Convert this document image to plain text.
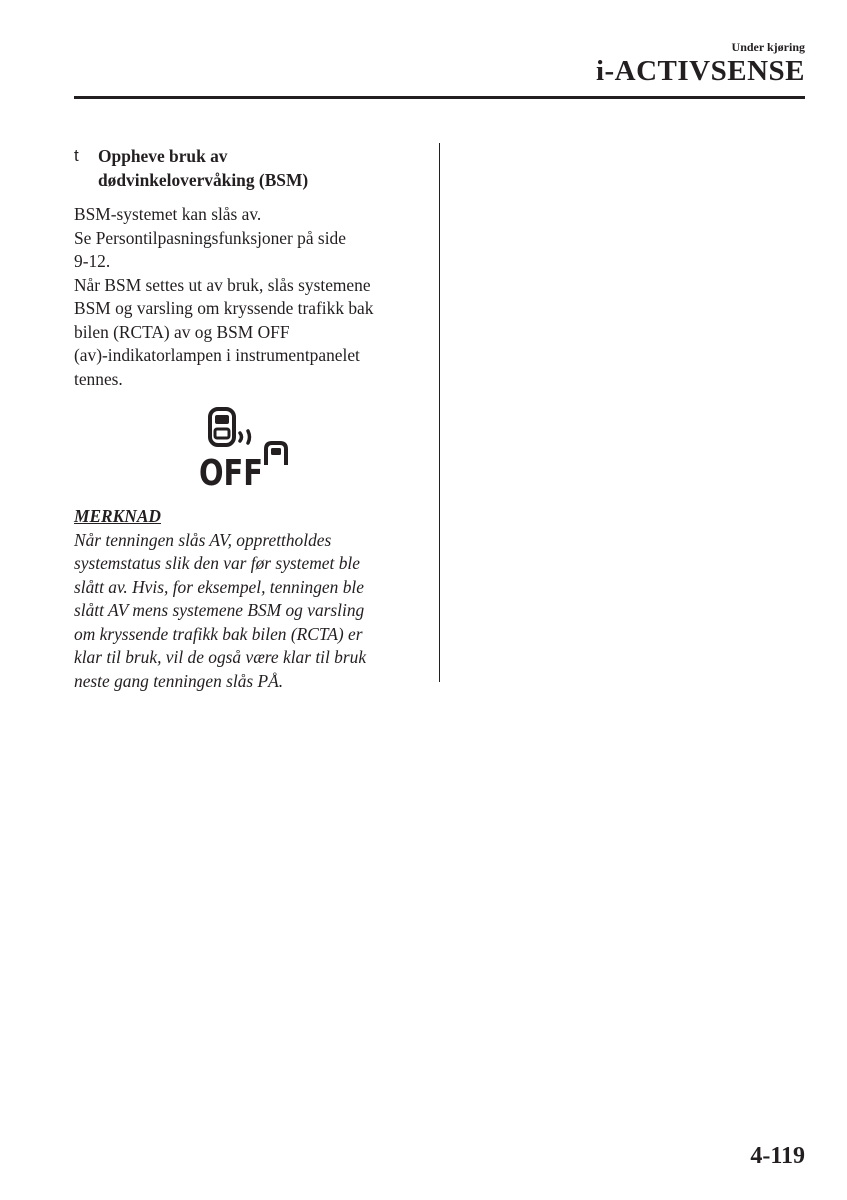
Under kjøring
i-ACTIVSENSE
t Oppheve bruk av
dødvinkelovervåking (BSM)

BSM-systemet kan slås av.
Se Persontilpasningsfunksjoner på side
9-12.
Når BSM settes ut av bruk, slås systemene
BSM og varsling om kryssende trafikk bak
bilen (RCTA) av og BSM OFF
(av)-indikatorlampen i instrumentpanelet
tennes.

OFF
MERKNAD

Når tenningen slås AV, opprettholdes
systemstatus slik den var før systemet ble
slått av. Hvis, for eksempel, tenningen ble
slått AV mens systemene BSM og varsling
om kryssende trafikk bak bilen (RCTA) er
klar til bruk, vil de også være klar til bruk
neste gang tenningen slås PÅ.

4-119
